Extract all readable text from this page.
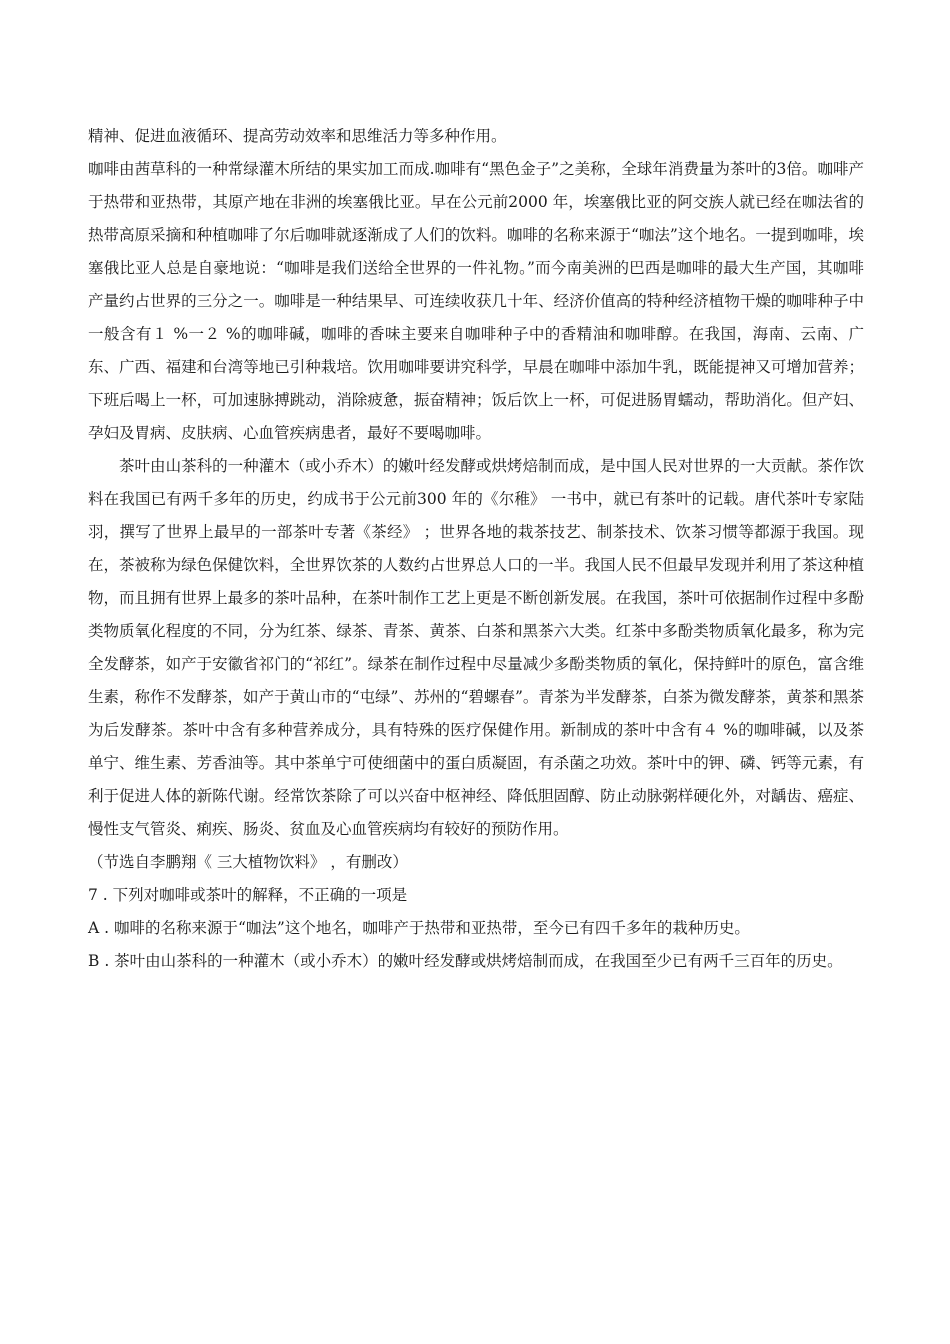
精神、促进血液循环、提高劳动效率和思维活力等多种作用。

咖啡由茜草科的一种常绿灌木所结的果实加工而成.咖啡有“黑色金子”之美称，全球年消费量为茶叶的3倍。咖啡产于热带和亚热带，其原产地在非洲的埃塞俄比亚。早在公元前2000 年，埃塞俄比亚的阿交族人就已经在咖法省的热带高原采摘和种植咖啡了尔后咖啡就逐渐成了人们的饮料。咖啡的名称来源于“咖法”这个地名。一提到咖啡，埃塞俄比亚人总是自豪地说：“咖啡是我们送给全世界的一件礼物。”而今南美洲的巴西是咖啡的最大生产国，其咖啡产量约占世界的三分之一。咖啡是一种结果早、可连续收获几十年、经济价值高的特种经济植物干燥的咖啡种子中一般含有１ %一２ %的咖啡碱，咖啡的香味主要来自咖啡种子中的香精油和咖啡醇。在我国，海南、云南、广东、广西、福建和台湾等地已引种栽培。饮用咖啡要讲究科学，早晨在咖啡中添加牛乳，既能提神又可增加营养；下班后喝上一杯，可加速脉搏跳动，消除疲惫，振奋精神；饭后饮上一杯，可促进肠胃蠕动，帮助消化。但产妇、孕妇及胃病、皮肤病、心血管疾病患者，最好不要喝咖啡。

茶叶由山茶科的一种灌木（或小乔木）的嫩叶经发酵或烘烤焙制而成，是中国人民对世界的一大贡献。茶作饮料在我国已有两千多年的历史，约成书于公元前300 年的《尔稚》 一书中，就已有茶叶的记载。唐代茶叶专家陆羽，撰写了世界上最早的一部茶叶专著《茶经》 ；世界各地的栽茶技艺、制茶技术、饮茶习惯等都源于我国。现在，茶被称为绿色保健饮料，全世界饮茶的人数约占世界总人口的一半。我国人民不但最早发现并利用了茶这种植物，而且拥有世界上最多的茶叶品种，在茶叶制作工艺上更是不断创新发展。在我国，茶叶可依据制作过程中多酚类物质氧化程度的不同，分为红茶、绿茶、青茶、黄茶、白茶和黑茶六大类。红茶中多酚类物质氧化最多，称为完全发酵茶，如产于安徽省祁门的“祁红”。绿茶在制作过程中尽量减少多酚类物质的氧化，保持鲜叶的原色，富含维生素，称作不发酵茶，如产于黄山市的“屯绿”、苏州的“碧螺春”。青茶为半发酵茶，白茶为微发酵茶，黄茶和黑茶为后发酵茶。茶叶中含有多种营养成分，具有特殊的医疗保健作用。新制成的茶叶中含有４ %的咖啡碱，以及茶单宁、维生素、芳香油等。其中茶单宁可使细菌中的蛋白质凝固，有杀菌之功效。茶叶中的钾、磷、钙等元素，有利于促进人体的新陈代谢。经常饮茶除了可以兴奋中枢神经、降低胆固醇、防止动脉粥样硬化外，对龋齿、癌症、慢性支气管炎、痢疾、肠炎、贫血及心血管疾病均有较好的预防作用。

（节选自李鹏翔《 三大植物饮料》 ，有删改）

7 . 下列对咖啡或茶叶的解释，不正确的一项是

A . 咖啡的名称来源于“咖法”这个地名，咖啡产于热带和亚热带，至今已有四千多年的栽种历史。

B . 茶叶由山茶科的一种灌木（或小乔木）的嫩叶经发酵或烘烤焙制而成，在我国至少已有两千三百年的历史。
